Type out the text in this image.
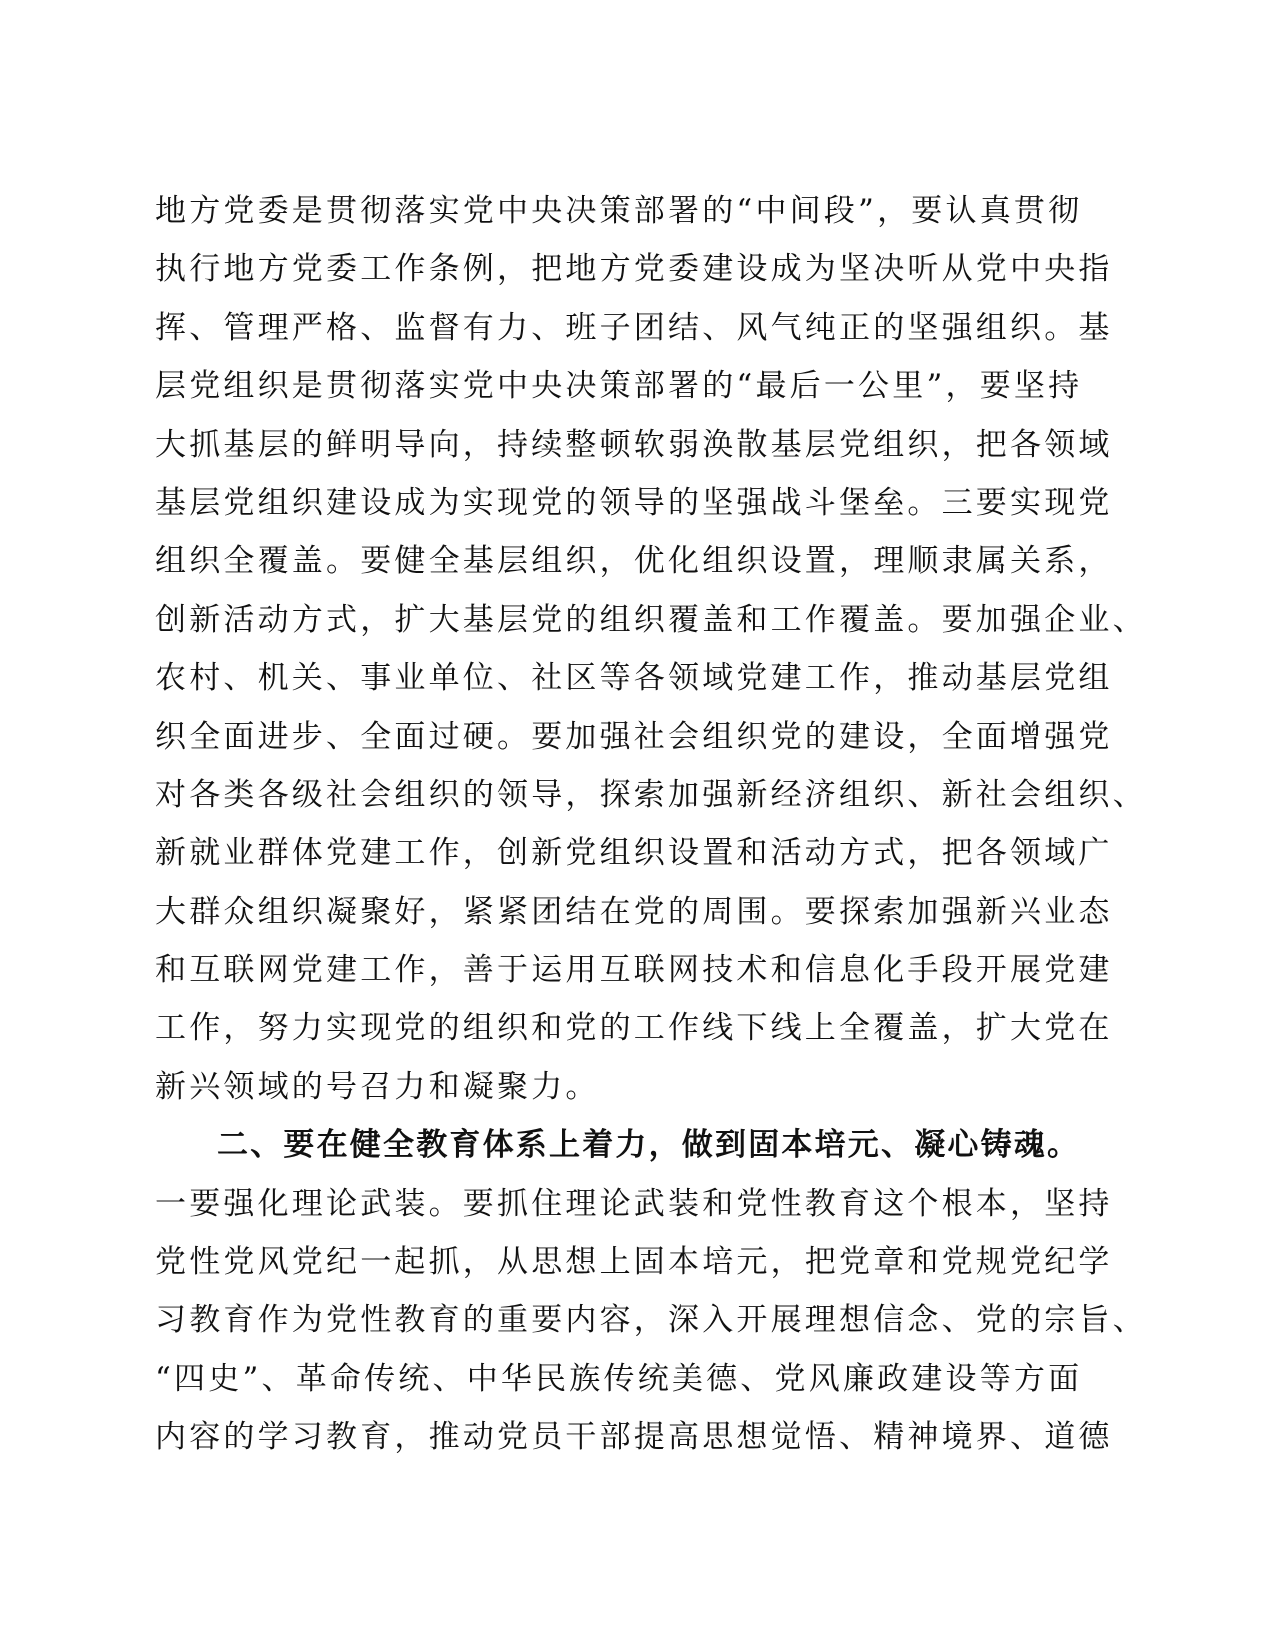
地方党委是贯彻落实党中央决策部署的“中间段”，要认真贯彻
执行地方党委工作条例，把地方党委建设成为坚决听从党中央指
挥、管理严格、监督有力、班子团结、风气纯正的坚强组织。基
层党组织是贯彻落实党中央决策部署的“最后一公里”，要坚持
大抓基层的鲜明导向，持续整顿软弱涣散基层党组织，把各领域
基层党组织建设成为实现党的领导的坚强战斗堡垒。三要实现党
组织全覆盖。要健全基层组织，优化组织设置，理顺隶属关系，
创新活动方式，扩大基层党的组织覆盖和工作覆盖。要加强企业、
农村、机关、事业单位、社区等各领域党建工作，推动基层党组
织全面进步、全面过硬。要加强社会组织党的建设，全面增强党
对各类各级社会组织的领导，探索加强新经济组织、新社会组织、
新就业群体党建工作，创新党组织设置和活动方式，把各领域广
大群众组织凝聚好，紧紧团结在党的周围。要探索加强新兴业态
和互联网党建工作，善于运用互联网技术和信息化手段开展党建
工作，努力实现党的组织和党的工作线下线上全覆盖，扩大党在
新兴领域的号召力和凝聚力。
二、要在健全教育体系上着力，做到固本培元、凝心铸魂。
一要强化理论武装。要抓住理论武装和党性教育这个根本，坚持
党性党风党纪一起抓，从思想上固本培元，把党章和党规党纪学
习教育作为党性教育的重要内容，深入开展理想信念、党的宗旨、
“四史”、革命传统、中华民族传统美德、党风廉政建设等方面
内容的学习教育，推动党员干部提高思想觉悟、精神境界、道德
